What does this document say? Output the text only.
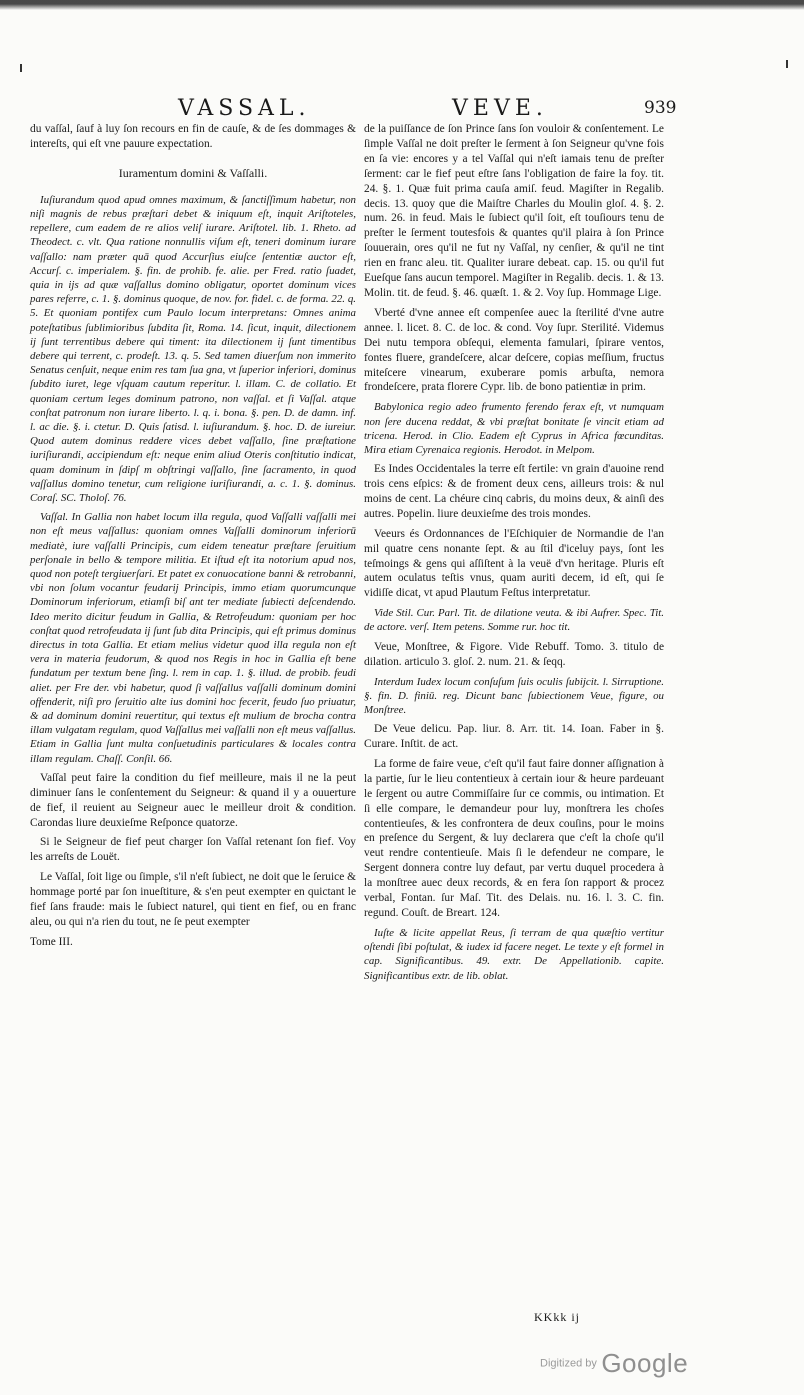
VASSAL.	VEVE.	939

du vaſſal, ſauf à luy ſon recours en fin de cauſe, & de ſes dommages & intereſts, qui eſt vne pauure expectation.

Iuramentum domini & Vaſſalli.

Iuſiurandum quod apud omnes maximum, & ſanctiſſimum habetur, non niſi magnis de rebus præſtari debet & iniquum eſt, inquit Ariſtoteles, repellere, cum eadem de re alios veliſ iurare. Ariſtotel. lib. 1. Rheto. ad Theodect. c. vlt. Qua ratione nonnullis viſum eſt, teneri dominum iurare vaſſallo: nam præter quā quod Accurſius eiuſce ſententiæ auctor eſt, Accurſ. c. imperialem. §. fin. de prohib. fe. alie. per Fred. ratio ſuadet, quia in ijs ad quæ vaſſallus domino obligatur, oportet dominum vices pares referre, c. 1. §. dominus quoque, de nov. for. fidel. c. de forma. 22. q. 5. Et quoniam pontifex cum Paulo locum interpretans: Omnes anima poteſtatibus ſublimioribus ſubdita ſit, Roma. 14. ſicut, inquit, dilectionem ij ſunt terrentibus debere qui timent: ita dilectionem ij ſunt timentibus debere qui terrent, c. prodeſt. 13. q. 5. Sed tamen diuerſum non immerito Senatus cenſuit, neque enim res tam ſua gna, vt ſuperior inferiori, dominus ſubdito iuret, lege vſquam cautum reperitur. l. illam. C. de collatio. Et quoniam certum leges dominum patrono, non vaſſal. et ſi Vaſſal. atque conſtat patronum non iurare liberto. l. q. i. bona. §. pen. D. de damn. inf. l. ac die. §. i. ctetur. D. Quis ſatisd. l. iuſiurandum. §. hoc. D. de iureiur. Quod autem dominus reddere vices debet vaſſallo, ſine præſtatione iuriſiurandi, accipiendum eſt: neque enim aliud Oteris conſtitutio indicat, quam dominum in ſdipſ m obſtringi vaſſallo, ſine ſacramento, in quod vaſſallus domino tenetur, cum religione iuriſiurandi, a. c. 1. §. dominus. Coraſ. SC. Tholoſ. 76.

Vaſſal. In Gallia non habet locum illa regula, quod Vaſſalli vaſſalli mei non eſt meus vaſſallus: quoniam omnes Vaſſalli dominorum inferiorū mediatè, iure vaſſalli Principis, cum eidem teneatur præſtare ſeruitium perſonale in bello & tempore militia. Et iſtud eſt ita notorium apud nos, quod non poteſt tergiuerſari. Et patet ex conuocatione banni & retrobanni, vbi non ſolum vocantur feudarij Principis, immo etiam quorumcunque Dominorum inferiorum, etiamſi biſ ant ter mediate ſubiecti deſcendendo. Ideo merito dicitur feudum in Gallia, & Retrofeudum: quoniam per hoc conſtat quod retrofeudata ij ſunt ſub dita Principis, qui eſt primus dominus directus in tota Gallia. Et etiam melius videtur quod illa regula non eſt vera in materia feudorum, & quod nos Regis in hoc in Gallia eſt bene fundatum per textum bene ſing. l. rem in cap. 1. §. illud. de probib. feudi aliet. per Fre der. vbi habetur, quod ſi vaſſallus vaſſalli dominum domini offenderit, niſi pro ſeruitio alte ius domini hoc fecerit, feudo ſuo priuatur, & ad dominum domini reuertitur, qui textus eſt mulium de brocha contra illam vulgatam regulam, quod Vaſſallus mei vaſſalli non eſt meus vaſſallus. Etiam in Gallia ſunt multa conſuetudinis particulares & locales contra illam regulam. Chaſſ. Conſil. 66.

Vaſſal peut faire la condition du fief meilleure, mais il ne la peut diminuer ſans le conſentement du Seigneur: & quand il y a ouuerture de fief, il reuient au Seigneur auec le meilleur droit & condition. Carondas liure deuxieſme Reſponce quatorze.

Si le Seigneur de fief peut charger ſon Vaſſal retenant ſon fief. Voy les arreſts de Louët.

Le Vaſſal, ſoit lige ou ſimple, s'il n'eſt ſubiect, ne doit que le ſeruice & hommage porté par ſon inueſtiture, & s'en peut exempter en quictant le fief ſans fraude: mais le ſubiect naturel, qui tient en fief, ou en franc aleu, ou qui n'a rien du tout, ne ſe peut exempter

Tome III.

de la puiſſance de ſon Prince ſans ſon vouloir & conſentement. Le ſimple Vaſſal ne doit preſter le ſerment à ſon Seigneur qu'vne fois en ſa vie: encores y a tel Vaſſal qui n'eſt iamais tenu de preſter ſerment: car le fief peut eſtre ſans l'obligation de faire la foy. tit. 24. §. 1. Quæ fuit prima cauſa amiſ. feud. Magiſter in Regalib. decis. 13. quoy que die Maiſtre Charles du Moulin gloſ. 4. §. 2. num. 26. in feud. Mais le ſubiect qu'il ſoit, eſt touſiours tenu de preſter le ſerment toutesfois & quantes qu'il plaira à ſon Prince ſouuerain, ores qu'il ne fut ny Vaſſal, ny cenſier, & qu'il ne tint rien en franc aleu. tit. Qualiter iurare debeat. cap. 15. ou qu'il fut Eueſque ſans aucun temporel. Magiſter in Regalib. decis. 1. & 13. Molin. tit. de feud. §. 46. quæſt. 1. & 2. Voy ſup. Hommage Lige.

Vberté d'vne annee eſt compenſee auec la ſterilité d'vne autre annee. l. licet. 8. C. de loc. & cond. Voy ſupr. Sterilité. Videmus Dei nutu tempora obſequi, elementa famulari, ſpirare ventos, fontes fluere, grandeſcere, alcar deſcere, copias meſſium, fructus miteſcere vinearum, exuberare pomis arbuſta, nemora frondeſcere, prata florere Cypr. lib. de bono patientiæ in prim.

Babylonica regio adeo frumento ferendo ferax eſt, vt numquam non ſere ducena reddat, & vbi præſtat bonitate ſe vincit etiam ad tricena. Herod. in Clio. Eadem eſt Cyprus in Africa fœcunditas. Mira etiam Cyrenaica regionis. Herodot. in Melpom.

Es Indes Occidentales la terre eſt fertile: vn grain d'auoine rend trois cens eſpics: & de froment deux cens, ailleurs trois: & nul moins de cent. La chéure cinq cabris, du moins deux, & ainſi des autres. Popelin. liure deuxieſme des trois mondes.

Veeurs és Ordonnances de l'Eſchiquier de Normandie de l'an mil quatre cens nonante ſept. & au ſtil d'iceluy pays, ſont les teſmoings & gens qui aſſiſtent à la veuë d'vn heritage. Pluris eſt autem oculatus teſtis vnus, quam auriti decem, id eſt, qui ſe vidiſſe dicat, vt apud Plautum Feſtus interpretatur.

Vide Stil. Cur. Parl. Tit. de dilatione veuta. & ibi Aufrer. Spec. Tit. de actore. verſ. Item petens. Somme rur. hoc tit.

Veue, Monſtree, & Figore. Vide Rebuff. Tomo. 3. titulo de dilation. articulo 3. gloſ. 2. num. 21. & ſeqq.

Interdum Iudex locum conſuſum ſuis oculis ſubijcit. l. Sirruptione. §. fin. D. finiū. reg. Dicunt banc ſubiectionem Veue, figure, ou Monſtree.

De Veue delicu. Pap. liur. 8. Arr. tit. 14. Ioan. Faber in §. Curare. Inſtit. de act.

La forme de faire veue, c'eſt qu'il faut faire donner aſſignation à la partie, ſur le lieu contentieux à certain iour & heure pardeuant le ſergent ou autre Commiſſaire ſur ce commis, ou intimation. Et ſi elle compare, le demandeur pour luy, monſtrera les choſes contentieuſes, & les confrontera de deux couſins, pour le moins en preſence du Sergent, & luy declarera que c'eſt la choſe qu'il veut rendre contentieuſe. Mais ſi le defendeur ne compare, le Sergent donnera contre luy defaut, par vertu duquel procedera à la monſtree auec deux records, & en fera ſon rapport & procez verbal, Fontan. ſur Maſ. Tit. des Delais. nu. 16. l. 3. C. fin. regund. Couſt. de Breart. 124.

Iuſte & licite appellat Reus, ſi terram de qua quæſtio vertitur oſtendi ſibi poſtulat, & iudex id facere neget. Le texte y eſt formel in cap. Significantibus. 49. extr. De Appellationib. capite. Significantibus extr. de lib. oblat.

KKkk ij
Digitized by Google
